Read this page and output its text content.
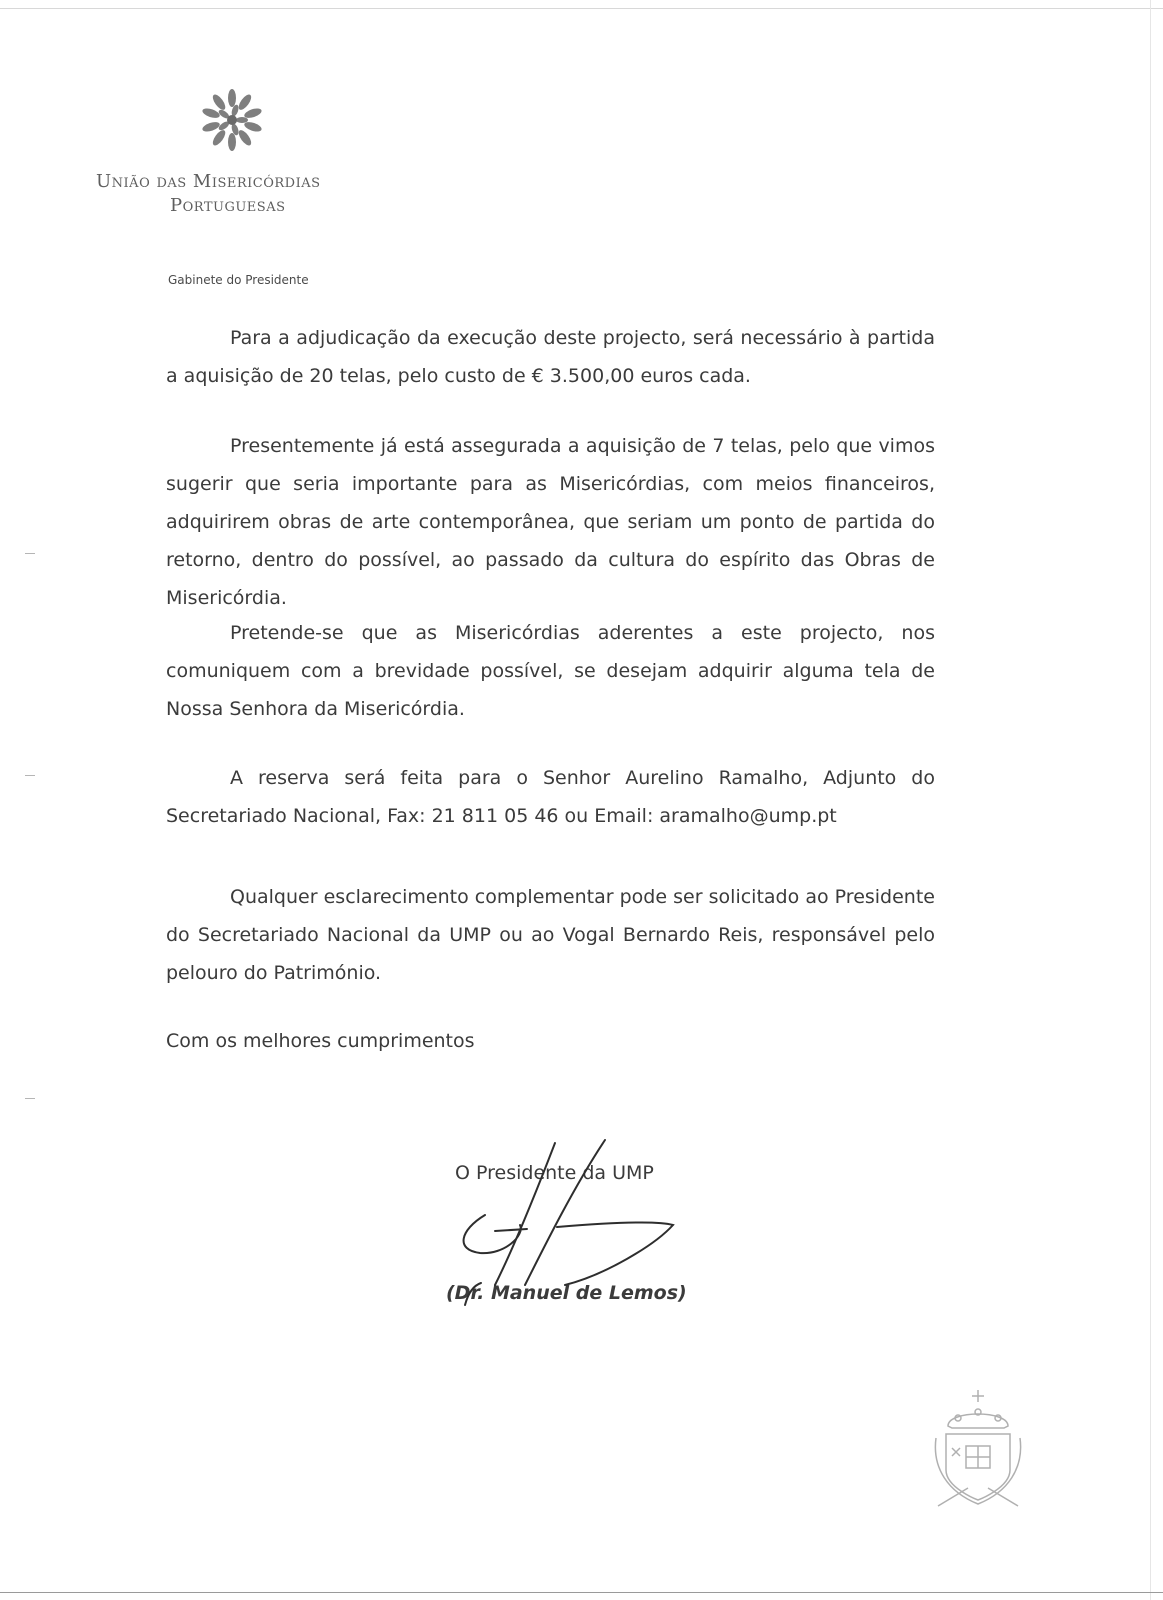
União das Misericórdias
Portuguesas
Gabinete do Presidente
Para a adjudicação da execução deste projecto, será necessário à partida a aquisição de 20 telas, pelo custo de € 3.500,00 euros cada.
Presentemente já está assegurada a aquisição de 7 telas, pelo que vimos sugerir que seria importante para as Misericórdias, com meios financeiros, adquirirem obras de arte contemporânea, que seriam um ponto de partida do retorno, dentro do possível, ao passado da cultura do espírito das Obras de Misericórdia.
Pretende-se que as Misericórdias aderentes a este projecto, nos comuniquem com a brevidade possível, se desejam adquirir alguma tela de Nossa Senhora da Misericórdia.
A reserva será feita para o Senhor Aurelino Ramalho, Adjunto do Secretariado Nacional, Fax: 21 811 05 46 ou Email: aramalho@ump.pt
Qualquer esclarecimento complementar pode ser solicitado ao Presidente do Secretariado Nacional da UMP ou ao Vogal Bernardo Reis, responsável pelo pelouro do Património.
Com os melhores cumprimentos
O Presidente da UMP
(Dr. Manuel de Lemos)
